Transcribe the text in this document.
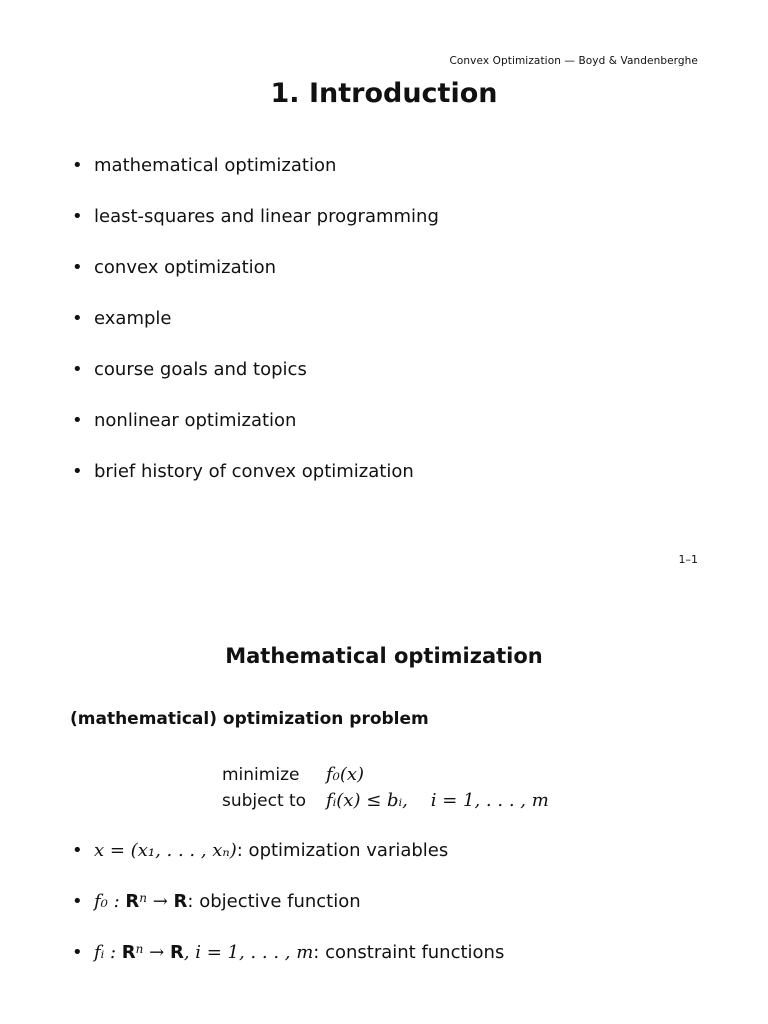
Convex Optimization — Boyd & Vandenberghe
1. Introduction
• mathematical optimization
• least-squares and linear programming
• convex optimization
• example
• course goals and topics
• nonlinear optimization
• brief history of convex optimization
1–1
Mathematical optimization
(mathematical) optimization problem
minimize	f₀(x)
subject to	fᵢ(x) ≤ bᵢ,    i = 1, . . . , m
• x = (x₁, . . . , xₙ) : optimization variables
• f₀ : R n → R : objective function
• fᵢ : R n → R , i = 1, . . . , m : constraint functions
